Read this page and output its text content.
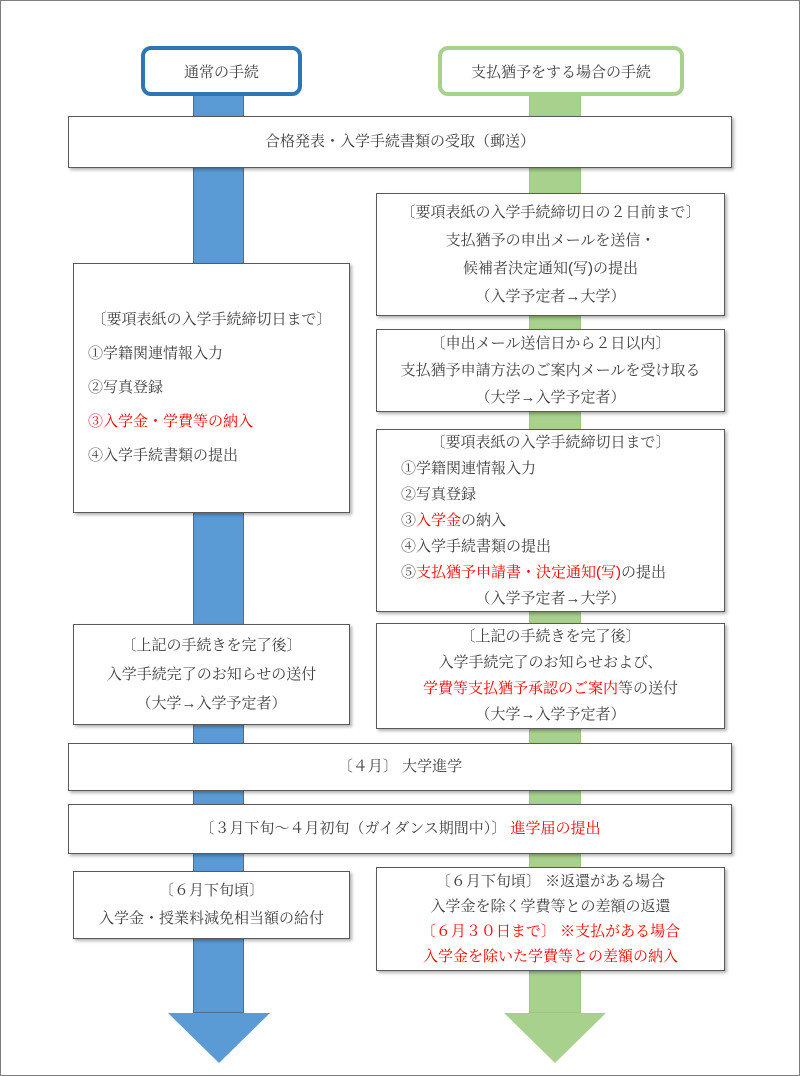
通常の手続	支払猶予をする場合の手続
合格発表・入学手続書類の受取（郵送）
〔要項表紙の入学手続締切日の２日前まで〕
支払猶予の申出メールを送信・
候補者決定通知(写)の提出
（入学予定者→大学）
〔要項表紙の入学手続締切日まで〕
①学籍関連情報入力
②写真登録
③入学金・学費等の納入
④入学手続書類の提出
〔申出メール送信日から２日以内〕
支払猶予申請方法のご案内メールを受け取る
（大学→入学予定者）
〔要項表紙の入学手続締切日まで〕
①学籍関連情報入力
②写真登録
③入学金の納入
④入学手続書類の提出
⑤支払猶予申請書・決定通知(写)の提出
（入学予定者→大学）
〔上記の手続きを完了後〕
入学手続完了のお知らせの送付
（大学→入学予定者）
〔上記の手続きを完了後〕
入学手続完了のお知らせおよび、
学費等支払猶予承認のご案内等の送付
（大学→入学予定者）
〔４月〕 大学進学
〔３月下旬～４月初旬（ガイダンス期間中）〕 進学届の提出
〔６月下旬頃〕
入学金・授業料減免相当額の給付
〔６月下旬頃〕 ※返還がある場合
入学金を除く学費等との差額の返還
〔６月３０日まで〕 ※支払がある場合
入学金を除いた学費等との差額の納入
